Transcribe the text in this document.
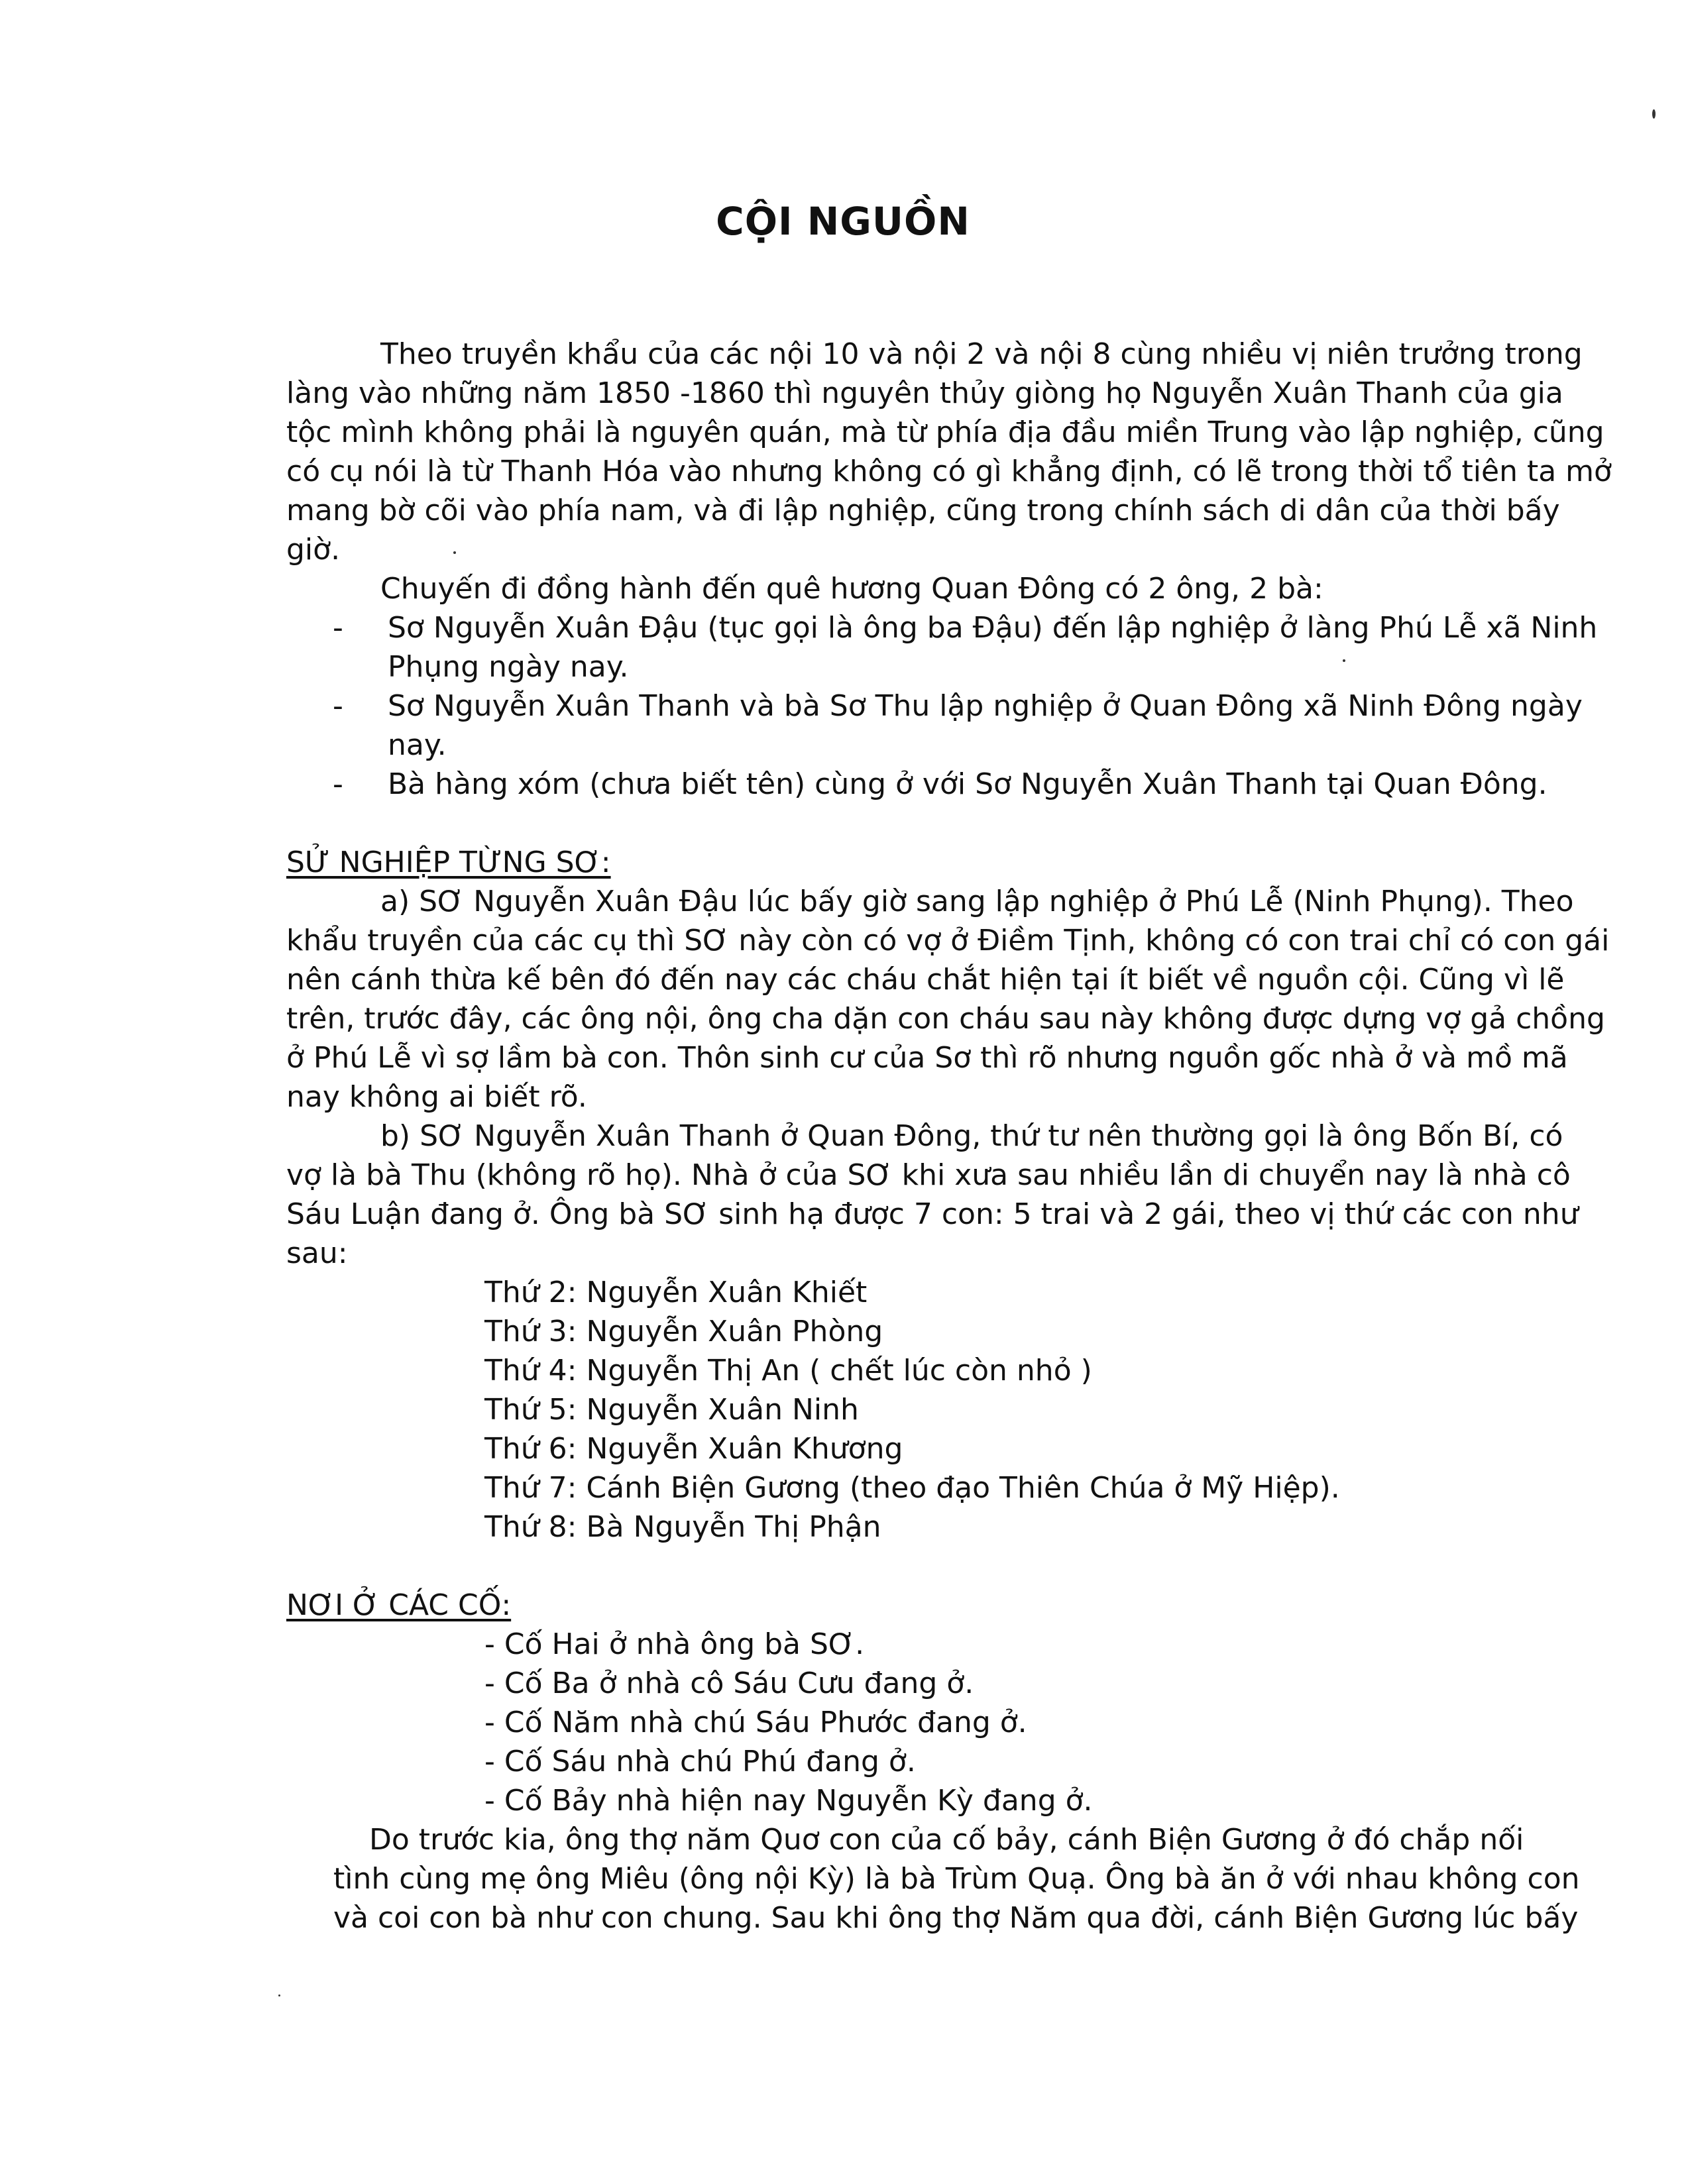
CỘI NGUỒN
Theo truyền khẩu của các nội 10 và nội 2 và nội 8 cùng nhiều vị niên trưởng trong
làng vào những năm 1850 -1860 thì nguyên thủy giòng họ Nguyễn Xuân Thanh của gia
tộc mình không phải là nguyên quán, mà từ phía địa đầu miền Trung vào lập nghiệp, cũng
có cụ nói là từ Thanh Hóa vào nhưng không có gì khẳng định, có lẽ trong thời tổ tiên ta mở
mang bờ cõi vào phía nam, và đi lập nghiệp, cũng trong chính sách di dân của thời bấy
giờ.
Chuyến đi đồng hành đến quê hương Quan Đông có 2 ông, 2 bà:
- Sơ Nguyễn Xuân Đậu (tục gọi là ông ba Đậu) đến lập nghiệp ở làng Phú Lễ xã Ninh
Phụng ngày nay.
- Sơ Nguyễn Xuân Thanh và bà Sơ Thu lập nghiệp ở Quan Đông xã Ninh Đông ngày
nay.
- Bà hàng xóm (chưa biết tên) cùng ở với Sơ Nguyễn Xuân Thanh tại Quan Đông.
SỬ NGHIỆP TỪNG SƠ:
a) SƠ Nguyễn Xuân Đậu lúc bấy giờ sang lập nghiệp ở Phú Lễ (Ninh Phụng). Theo
khẩu truyền của các cụ thì SƠ này còn có vợ ở Điềm Tịnh, không có con trai chỉ có con gái
nên cánh thừa kế bên đó đến nay các cháu chắt hiện tại ít biết về nguồn cội. Cũng vì lẽ
trên, trước đây, các ông nội, ông cha dặn con cháu sau này không được dựng vợ gả chồng
ở Phú Lễ vì sợ lầm bà con. Thôn sinh cư của Sơ thì rõ nhưng nguồn gốc nhà ở và mồ mã
nay không ai biết rõ.
b) SƠ Nguyễn Xuân Thanh ở Quan Đông, thứ tư nên thường gọi là ông Bốn Bí, có
vợ là bà Thu (không rõ họ). Nhà ở của SƠ khi xưa sau nhiều lần di chuyển nay là nhà cô
Sáu Luận đang ở. Ông bà SƠ sinh hạ được 7 con: 5 trai và 2 gái, theo vị thứ các con như
sau:
Thứ 2: Nguyễn Xuân Khiết
Thứ 3: Nguyễn Xuân Phòng
Thứ 4: Nguyễn Thị An ( chết lúc còn nhỏ )
Thứ 5: Nguyễn Xuân Ninh
Thứ 6: Nguyễn Xuân Khương
Thứ 7: Cánh Biện Gương (theo đạo Thiên Chúa ở Mỹ Hiệp).
Thứ 8: Bà Nguyễn Thị Phận
NƠI Ở CÁC CỐ:
- Cố Hai ở nhà ông bà SƠ.
- Cố Ba ở nhà cô Sáu Cưu đang ở.
- Cố Năm nhà chú Sáu Phước đang ở.
- Cố Sáu nhà chú Phú đang ở.
- Cố Bảy nhà hiện nay Nguyễn Kỳ đang ở.
Do trước kia, ông thợ năm Quơ con của cố bảy, cánh Biện Gương ở đó chắp nối
tình cùng mẹ ông Miêu (ông nội Kỳ) là bà Trùm Quạ. Ông bà ăn ở với nhau không con
và coi con bà như con chung. Sau khi ông thợ Năm qua đời, cánh Biện Gương lúc bấy
